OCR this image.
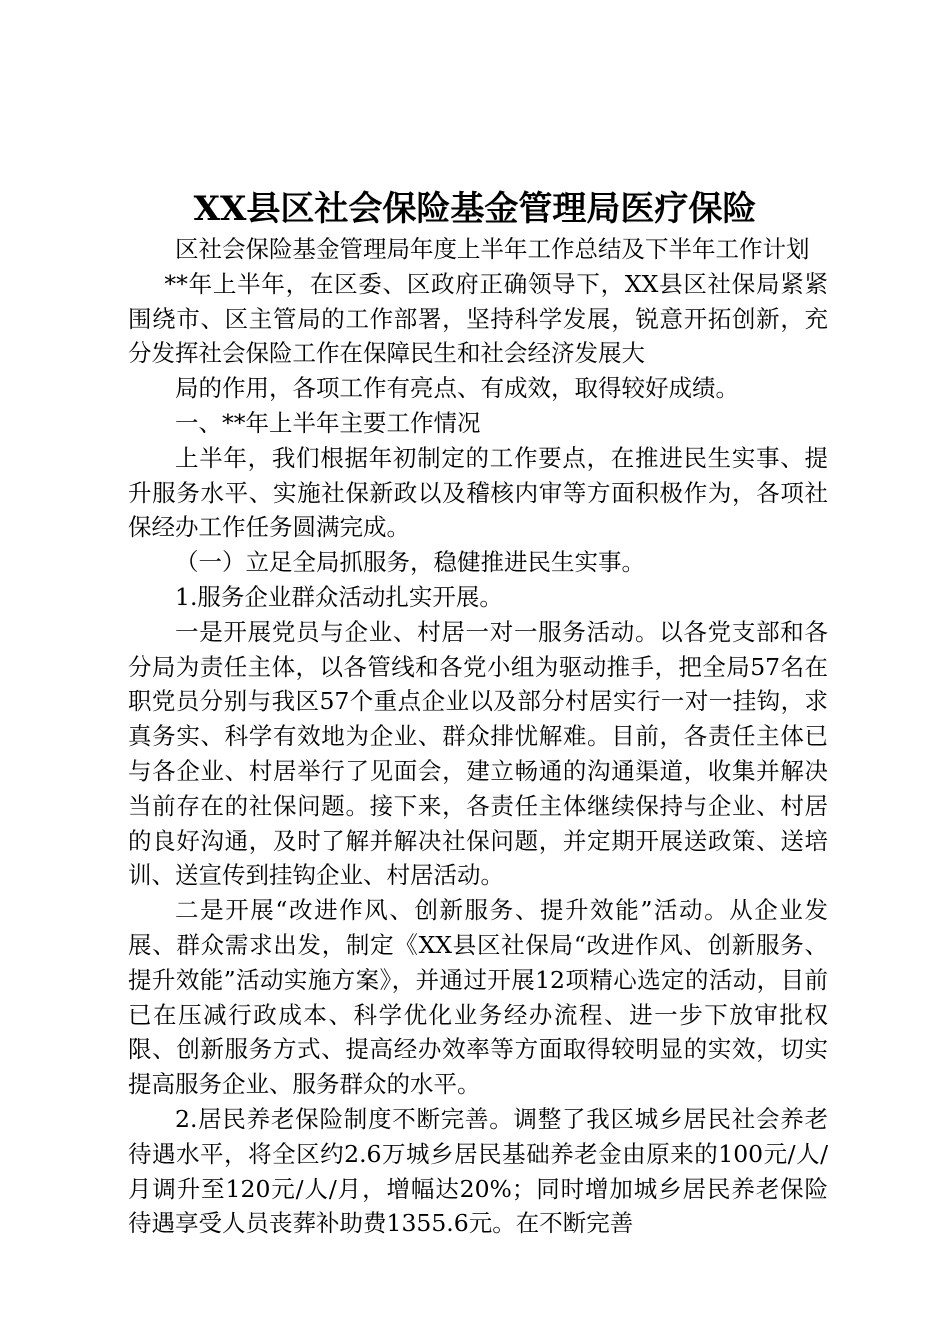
XX县区社会保险基金管理局医疗保险

区社会保险基金管理局年度上半年工作总结及下半年工作计划

**年上半年，在区委、区政府正确领导下，XX县区社保局紧紧围绕市、区主管局的工作部署，坚持科学发展，锐意开拓创新，充分发挥社会保险工作在保障民生和社会经济发展大

局的作用，各项工作有亮点、有成效，取得较好成绩。

一、**年上半年主要工作情况

上半年，我们根据年初制定的工作要点，在推进民生实事、提升服务水平、实施社保新政以及稽核内审等方面积极作为，各项社保经办工作任务圆满完成。

（一）立足全局抓服务，稳健推进民生实事。

1.服务企业群众活动扎实开展。

一是开展党员与企业、村居一对一服务活动。以各党支部和各分局为责任主体，以各管线和各党小组为驱动推手，把全局57名在职党员分别与我区57个重点企业以及部分村居实行一对一挂钩，求真务实、科学有效地为企业、群众排忧解难。目前，各责任主体已与各企业、村居举行了见面会，建立畅通的沟通渠道，收集并解决当前存在的社保问题。接下来，各责任主体继续保持与企业、村居的良好沟通，及时了解并解决社保问题，并定期开展送政策、送培训、送宣传到挂钩企业、村居活动。

二是开展“改进作风、创新服务、提升效能”活动。从企业发展、群众需求出发，制定《XX县区社保局“改进作风、创新服务、提升效能”活动实施方案》，并通过开展12项精心选定的活动，目前已在压减行政成本、科学优化业务经办流程、进一步下放审批权限、创新服务方式、提高经办效率等方面取得较明显的实效，切实提高服务企业、服务群众的水平。

2.居民养老保险制度不断完善。调整了我区城乡居民社会养老待遇水平，将全区约2.6万城乡居民基础养老金由原来的100元/人/月调升至120元/人/月，增幅达20%；同时增加城乡居民养老保险待遇享受人员丧葬补助费1355.6元。在不断完善
